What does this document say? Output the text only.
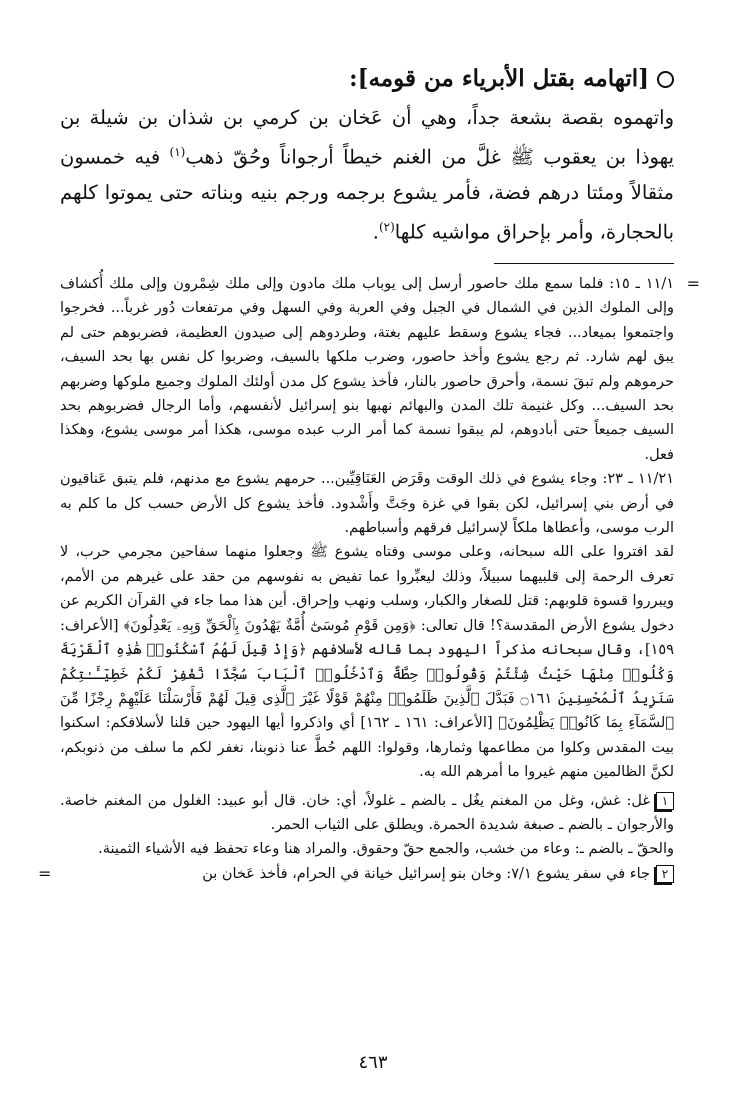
[اتهامه بقتل الأبرياء من قومه]:

واتهموه بقصة بشعة جداً، وهي أن عَخان بن كرمي بن شذان بن شيلة بن يهوذا بن يعقوب ﷺ غلَّ من الغنم خيطاً أرجواناً وحُقّ ذهب$^{(١)}$ فيه خمسون مثقالاً ومئتا درهم فضة، فأمر يشوع برجمه ورجم بنيه وبناته حتى يموتوا كلهم بالحجارة، وأمر بإحراق مواشيه كلها$^{(٢)}$.

=

١١/١ ـ ١٥: فلما سمع ملك حاصور أرسل إلى يوباب ملك مادون وإلى ملك شِمْرون وإلى ملك أُكشاف وإلى الملوك الذين في الشمال في الجبل وفي العربة وفي السهل وفي مرتفعات دُور غرباً... فخرجوا واجتمعوا بميعاد... فجاء يشوع وسقط عليهم بغتة، وطردوهم إلى صيدون العظيمة، فضربوهم حتى لم يبق لهم شارد. ثم رجع يشوع وأخذ حاصور، وضرب ملكها بالسيف، وضربوا كل نفس بها بحد السيف، حرموهم ولم تبقَ نسمة، وأحرق حاصور بالنار، فأخذ يشوع كل مدن أولئك الملوك وجميع ملوكها وضربهم بحد السيف... وكل غنيمة تلك المدن والبهائم نهبها بنو إسرائيل لأنفسهم، وأما الرجال فضربوهم بحد السيف جميعاً حتى أبادوهم، لم يبقوا نسمة كما أمر الرب عبده موسى، هكذا أمر موسى يشوع، وهكذا فعل.

١١/٢١ ـ ٢٣: وجاء يشوع في ذلك الوقت وقَرَض العَنَاقِيِّين... حرمهم يشوع مع مدنهم، فلم يتبق عَناقيون في أرض بني إسرائيل، لكن بقوا في غزة وجَتَّ وأَشْدود. فأخذ يشوع كل الأرض حسب كل ما كلم به الرب موسى، وأعطاها ملكاً لإسرائيل فرقهم وأسباطهم.

لقد افتروا على الله سبحانه، وعلى موسى وفتاه يشوع ﷺ وجعلوا منهما سفاحين مجرمي حرب، لا تعرف الرحمة إلى قلبيهما سبيلاً، وذلك ليعبِّروا عما تفيض به نفوسهم من حقد على غيرهم من الأمم، ويبرروا قسوة قلوبهم: قتل للصغار والكبار، وسلب ونهب وإحراق. أين هذا مما جاء في القرآن الكريم عن دخول يشوع الأرض المقدسة؟! قال تعالى: ﴿وَمِن قَوْمِ مُوسَىٰٓ أُمَّةٌ يَهْدُونَ بِٱلْحَقِّ وَبِهِۦ يَعْدِلُونَ﴾ [الأعراف: ١٥٩]، وقال سبحانه مذكراً اليهود بما قاله لأسلافهم ﴿وَإِذْ قِيلَ لَهُمُ ٱسْكُنُوا۟ هَٰذِهِ ٱلْقَرْيَةَ وَكُلُوا۟ مِنْهَا حَيْثُ شِئْتُمْ وَقُولُوا۟ حِطَّةٌ وَٱدْخُلُوا۟ ٱلْبَابَ سُجَّدًا نَّغْفِرْ لَكُمْ خَطِيٓـَٔـٰتِكُمْ سَنَزِيدُ ٱلْمُحْسِنِينَ ۝١٦١ فَبَدَّلَ ٱلَّذِينَ ظَلَمُوا۟ مِنْهُمْ قَوْلًا غَيْرَ ٱلَّذِى قِيلَ لَهُمْ فَأَرْسَلْنَا عَلَيْهِمْ رِجْزًا مِّنَ ٱلسَّمَآءِ بِمَا كَانُوا۟ يَظْلِمُونَ﴾ [الأعراف: ١٦١ ـ ١٦٢] أي واذكروا أيها اليهود حين قلنا لأسلافكم: اسكنوا بيت المقدس وكلوا من مطاعمها وثمارها، وقولوا: اللهم حُطَّ عنا ذنوبنا، نغفر لكم ما سلف من ذنوبكم، لكنَّ الظالمين منهم غيروا ما أمرهم الله به.

١غل: غش، وغل من المغنم يغُل ـ بالضم ـ غلولاً، أي: خان. قال أبو عبيد: الغلول من المغنم خاصة. والأرجوان ـ بالضم ـ صبغة شديدة الحمرة. ويطلق على الثياب الحمر.

والحقّ ـ بالضم ـ: وعاء من خشب، والجمع حقّ وحقوق. والمراد هنا وعاء تحفظ فيه الأشياء الثمينة.

٢جاء في سفر يشوع ٧/١: وخان بنو إسرائيل خيانة في الحرام، فأخذ عَخان بن
=

٤٦٣
